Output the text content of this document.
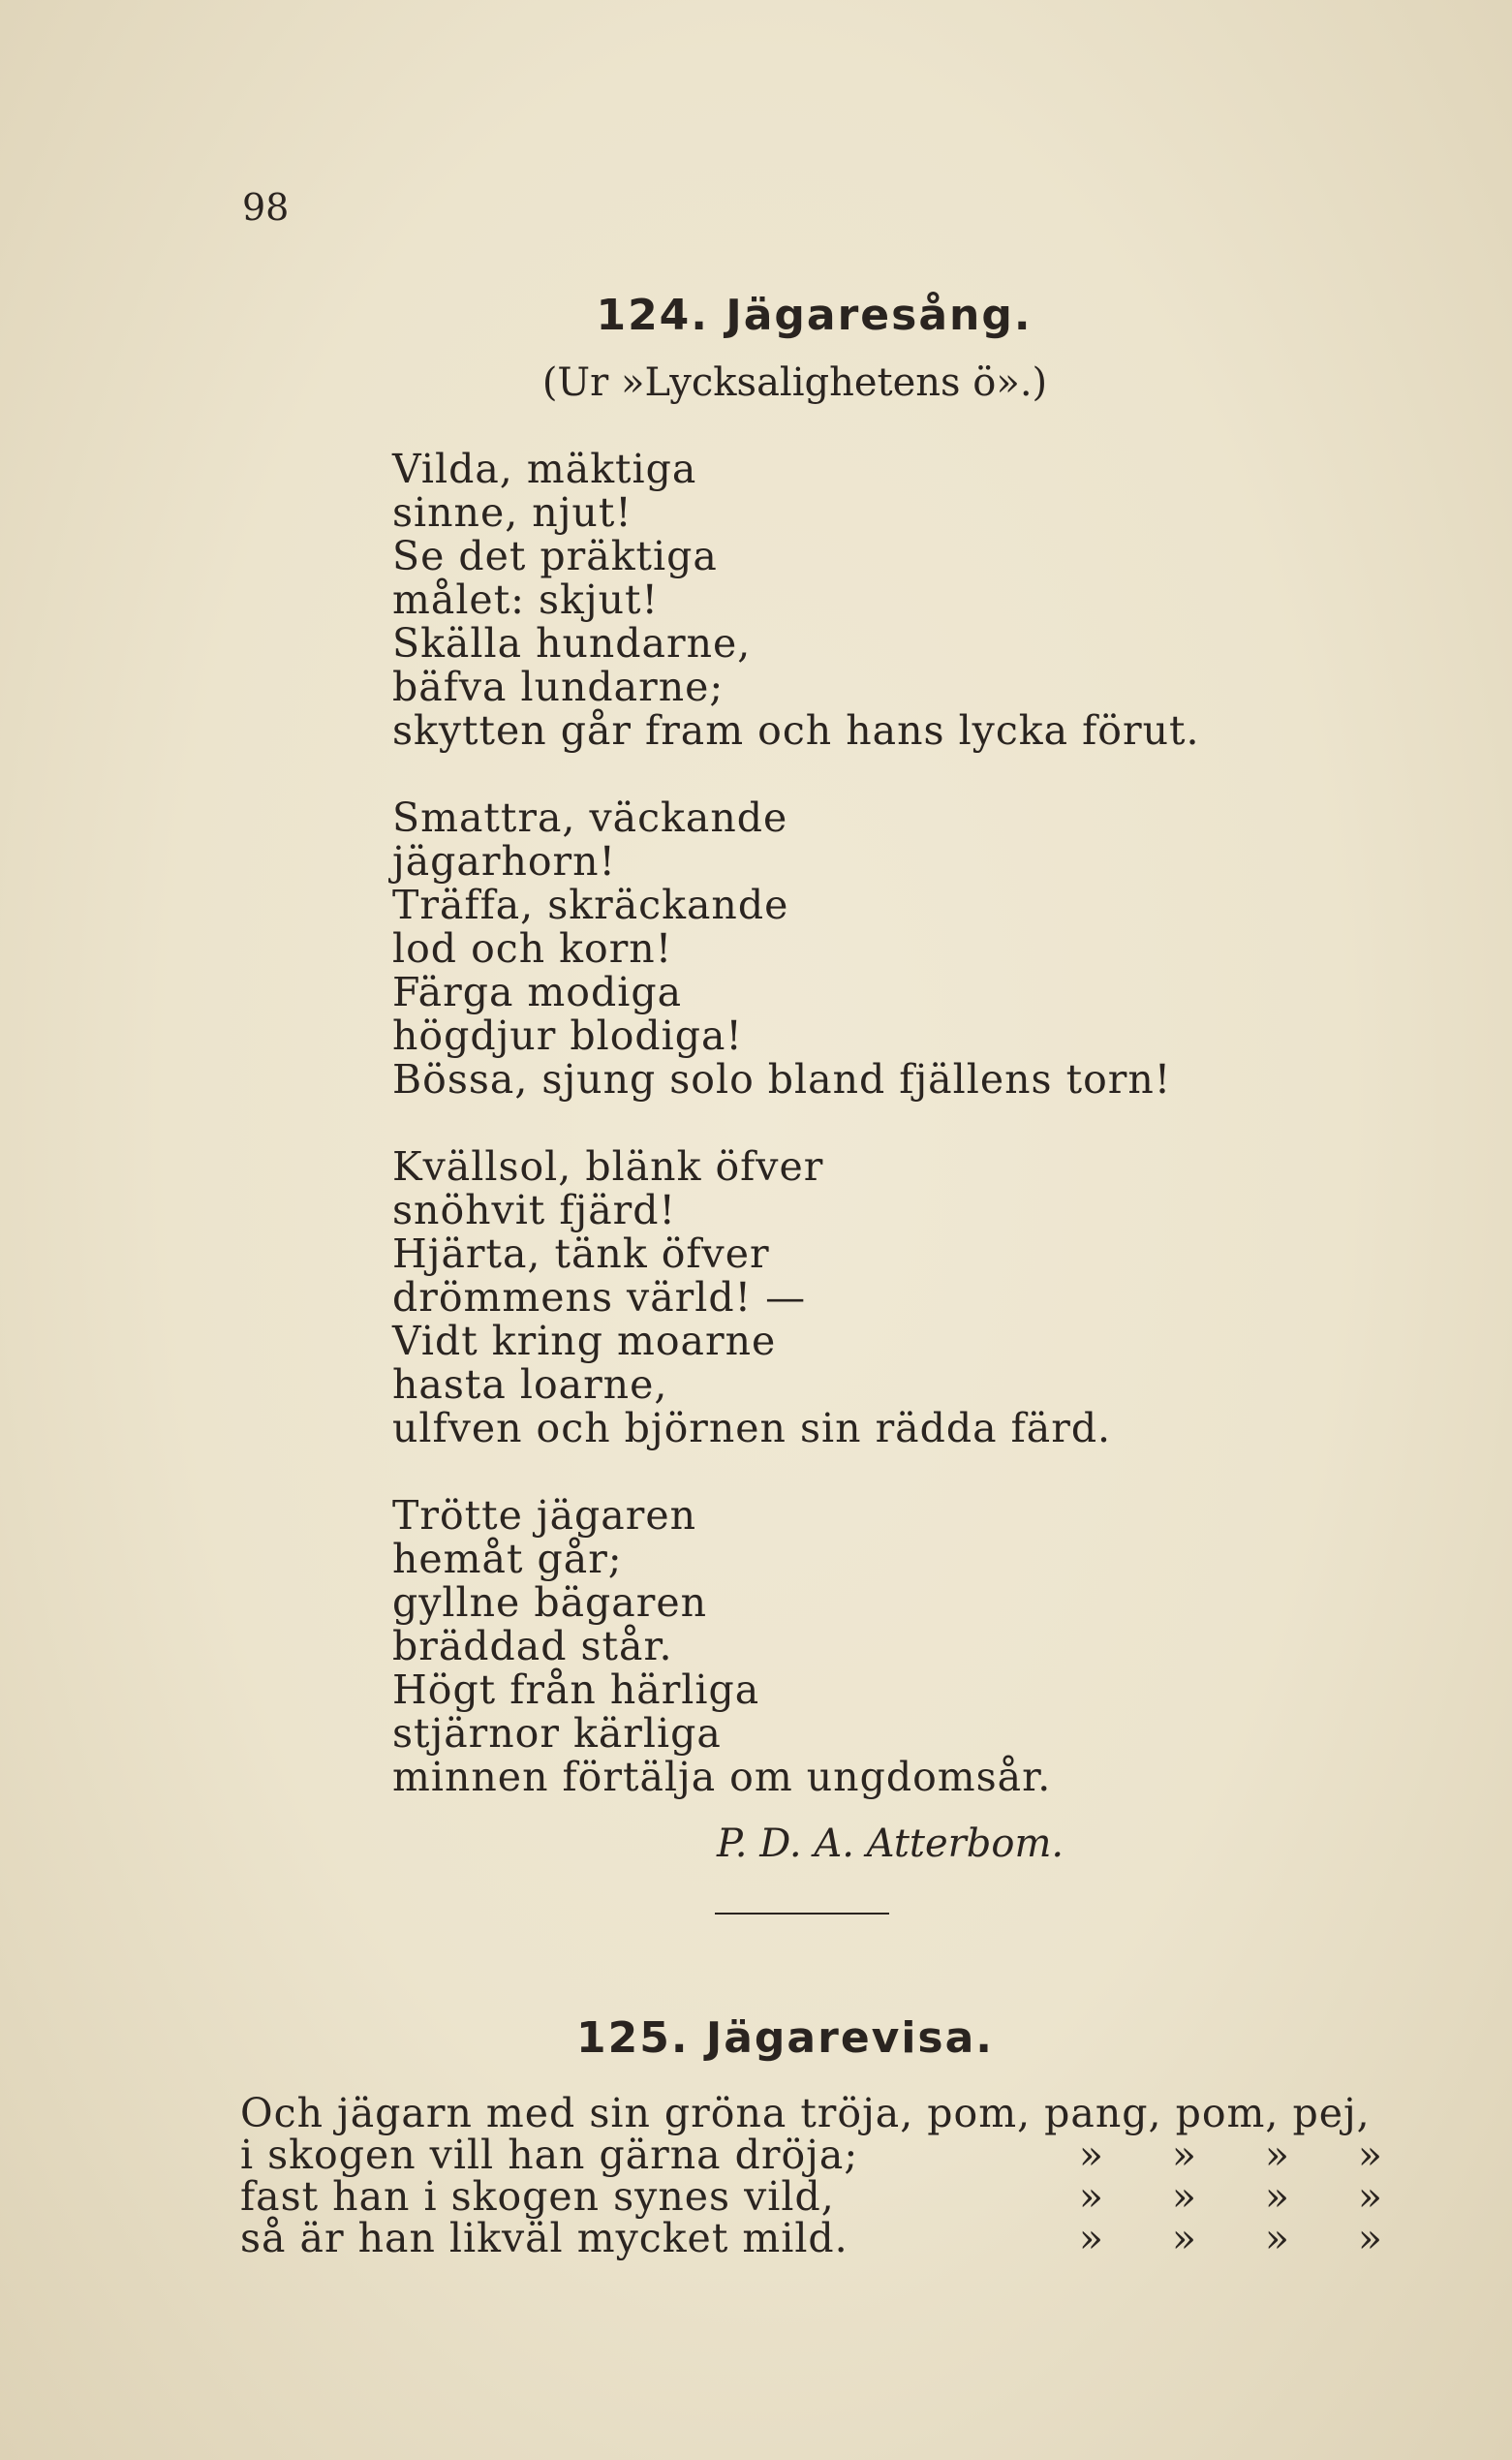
98
124. Jägaresång.
(Ur »Lycksalighetens ö».)
Vilda, mäktiga
sinne, njut!
Se det präktiga
målet: skjut!
Skälla hundarne,
bäfva lundarne;
skytten går fram och hans lycka förut.
Smattra, väckande
jägarhorn!
Träffa, skräckande
lod och korn!
Färga modiga
högdjur blodiga!
Bössa, sjung solo bland fjällens torn!
Kvällsol, blänk öfver
snöhvit fjärd!
Hjärta, tänk öfver
drömmens värld! —
Vidt kring moarne
hasta loarne,
ulfven och björnen sin rädda färd.
Trötte jägaren
hemåt går;
gyllne bägaren
bräddad står.
Högt från härliga
stjärnor kärliga
minnen förtälja om ungdomsår.
P. D. A. Atterbom.
125. Jägarevisa.
Och jägarn med sin gröna tröja, pom, pang, pom, pej,
i skogen vill han gärna dröja;	»	»	»	»
fast han i skogen synes vild,	»	»	»	»
så är han likväl mycket mild.	»	»	»	»
